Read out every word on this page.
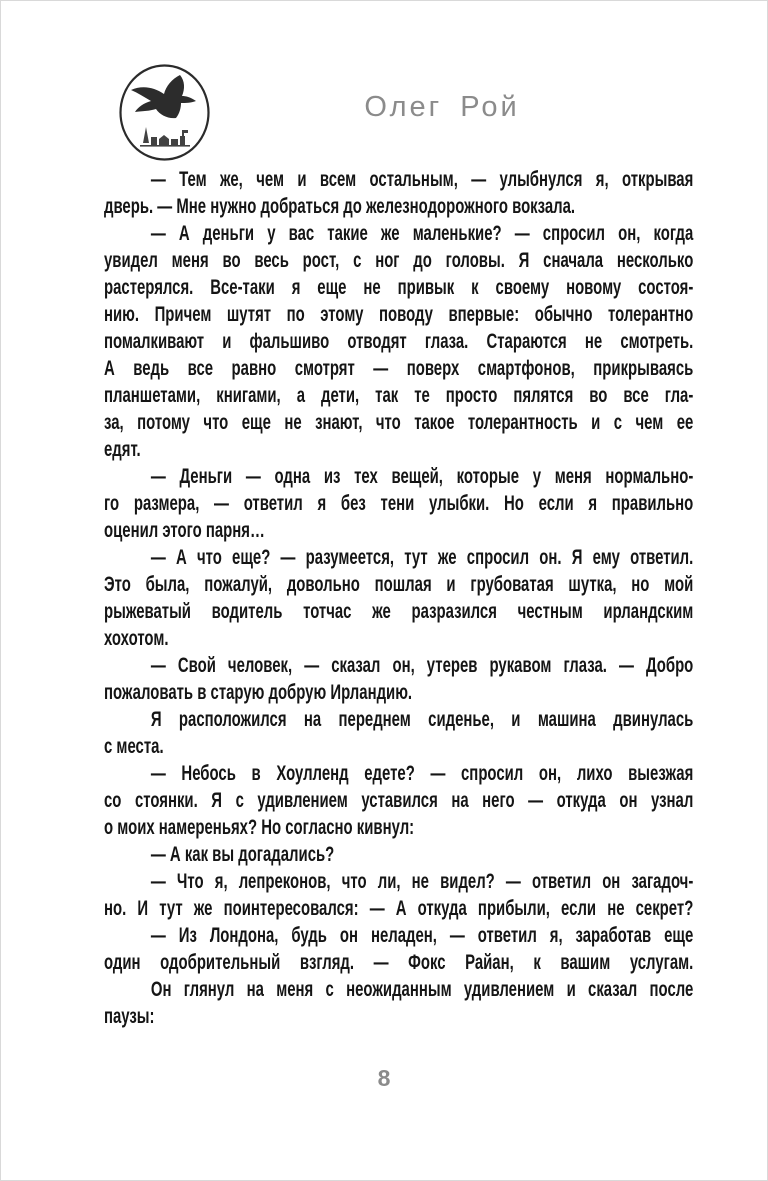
Олег Рой
— Тем же, чем и всем остальным, — улыбнулся я, открывая
дверь. — Мне нужно добраться до железнодорожного вокзала.
— А деньги у вас такие же маленькие? — спросил он, когда
увидел меня во весь рост, с ног до головы. Я сначала несколько
растерялся. Все-таки я еще не привык к своему новому состоя-
нию. Причем шутят по этому поводу впервые: обычно толерантно
помалкивают и фальшиво отводят глаза. Стараются не смотреть.
А ведь все равно смотрят — поверх смартфонов, прикрываясь
планшетами, книгами, а дети, так те просто пялятся во все гла-
за, потому что еще не знают, что такое толерантность и с чем ее
едят.
— Деньги — одна из тех вещей, которые у меня нормально-
го размера, — ответил я без тени улыбки. Но если я правильно
оценил этого парня…
— А что еще? — разумеется, тут же спросил он. Я ему ответил.
Это была, пожалуй, довольно пошлая и грубоватая шутка, но мой
рыжеватый водитель тотчас же разразился честным ирландским
хохотом.
— Свой человек, — сказал он, утерев рукавом глаза. — Добро
пожаловать в старую добрую Ирландию.
Я расположился на переднем сиденье, и машина двинулась
с места.
— Небось в Хоулленд едете? — спросил он, лихо выезжая
со стоянки. Я с удивлением уставился на него — откуда он узнал
о моих намереньях? Но согласно кивнул:
— А как вы догадались?
— Что я, лепреконов, что ли, не видел? — ответил он загадоч-
но. И тут же поинтересовался: — А откуда прибыли, если не секрет?
— Из Лондона, будь он неладен, — ответил я, заработав еще
один одобрительный взгляд. — Фокс Райан, к вашим услугам.
Он глянул на меня с неожиданным удивлением и сказал после
паузы:
8
